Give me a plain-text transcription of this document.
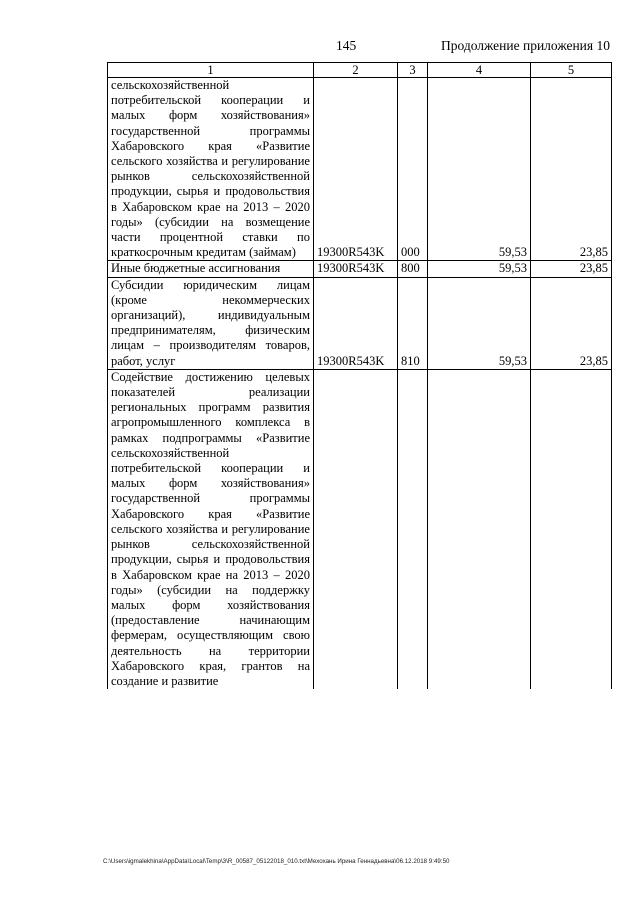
145	Продолжение приложения 10
1	2	3	4	5
сельскохозяйственной потребительской кооперации и малых форм хозяйствования» государственной программы Хабаровского края «Развитие сельского хозяйства и регулирование рынков сельскохозяйственной продукции, сырья и продовольствия в Хабаровском крае на 2013 – 2020 годы» (субсидии на возмещение части процентной ставки по краткосрочным кредитам (займам)	19300R543K	000	59,53	23,85
Иные бюджетные ассигнования	19300R543K	800	59,53	23,85
Субсидии юридическим лицам (кроме некоммерческих организаций), индивидуальным предпринимателям, физическим лицам – производителям товаров, работ, услуг	19300R543K	810	59,53	23,85
Содействие достижению целевых показателей реализации региональных программ развития агропромышленного комплекса в рамках подпрограммы «Развитие сельскохозяйственной потребительской кооперации и малых форм хозяйствования» государственной программы Хабаровского края «Развитие сельского хозяйства и регулирование рынков сельскохозяйственной продукции, сырья и продовольствия в Хабаровском крае на 2013 – 2020 годы» (субсидии на поддержку малых форм хозяйствования (предоставление начинающим фермерам, осуществляющим свою деятельность на территории Хабаровского края, грантов на создание и развитие				
C:\Users\igmalekhina\AppData\Local\Temp\3\R_00587_05122018_010.txt\Мехохань Ирина Геннадьевна\06.12.2018 9:49:50
